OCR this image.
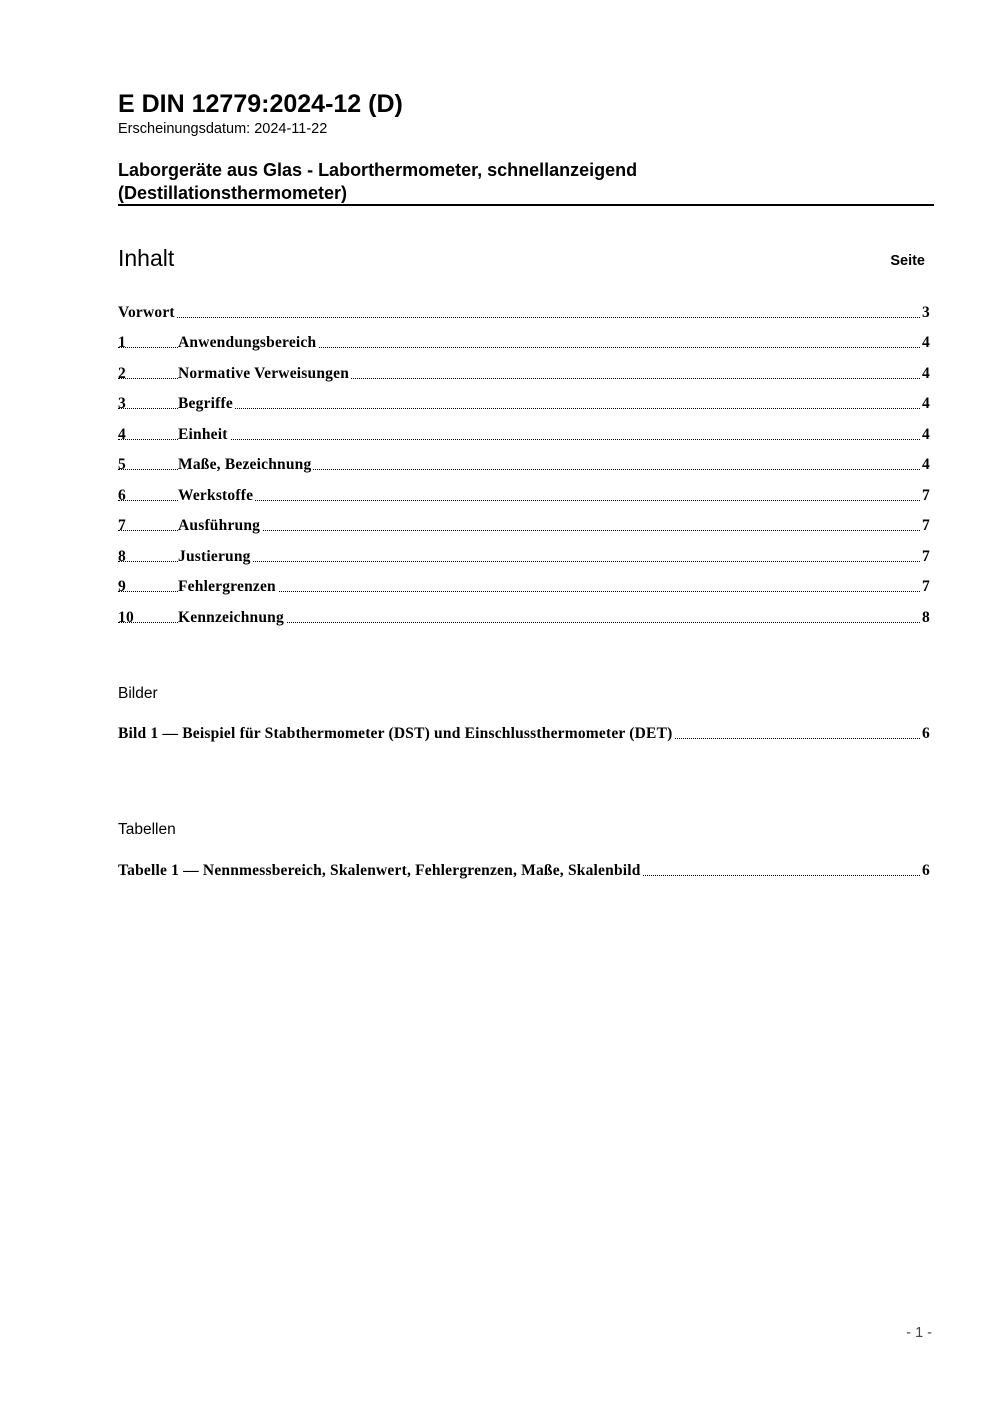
E DIN 12779:2024-12 (D)
Erscheinungsdatum: 2024-11-22
Laborgeräte aus Glas - Laborthermometer, schnellanzeigend
(Destillationsthermometer)
Inhalt	Seite
Vorwort	3
1	Anwendungsbereich	4
2	Normative Verweisungen	4
3	Begriffe	4
4	Einheit	4
5	Maße, Bezeichnung	4
6	Werkstoffe	7
7	Ausführung	7
8	Justierung	7
9	Fehlergrenzen	7
10	Kennzeichnung	8
Bilder
Bild 1 — Beispiel für Stabthermometer (DST) und Einschlussthermometer (DET)	6
Tabellen
Tabelle 1 — Nennmessbereich, Skalenwert, Fehlergrenzen, Maße, Skalenbild	6
- 1 -
